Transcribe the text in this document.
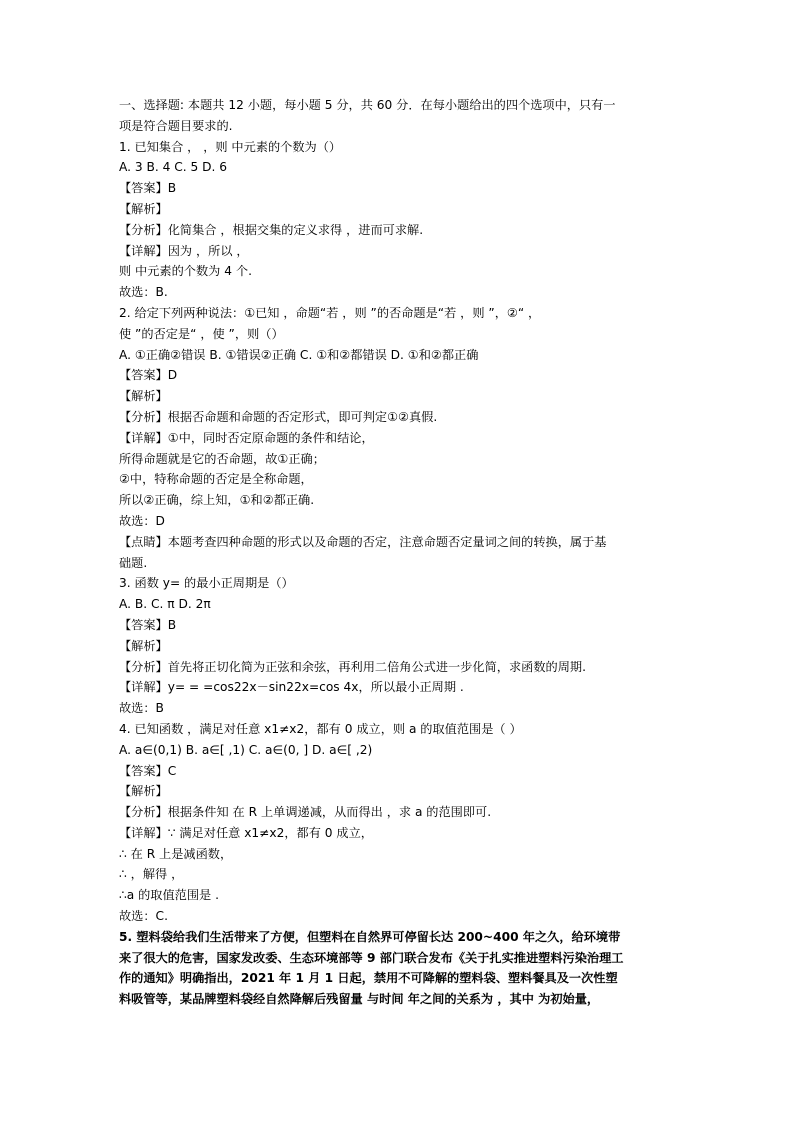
一、选择题: 本题共 12 小题，每小题 5 分，共 60 分．在每小题给出的四个选项中，只有一
项是符合题目要求的.
1. 已知集合 ， ，则 中元素的个数为（）
A. 3 B. 4 C. 5 D. 6
【答案】B
【解析】
【分析】化简集合 ，根据交集的定义求得 ，进而可求解.
【详解】因为 ，所以 ，
则 中元素的个数为 4 个.
故选：B.
2. 给定下列两种说法：①已知 ，命题“若 ，则 ”的否命题是“若 ，则 ”，②“ ，
使 ”的否定是“ ，使 ”，则（）
A. ①正确②错误 B. ①错误②正确 C. ①和②都错误 D. ①和②都正确
【答案】D
【解析】
【分析】根据否命题和命题的否定形式，即可判定①②真假.
【详解】①中，同时否定原命题的条件和结论，
所得命题就是它的否命题，故①正确；
②中，特称命题的否定是全称命题，
所以②正确，综上知，①和②都正确.
故选：D
【点睛】本题考查四种命题的形式以及命题的否定，注意命题否定量词之间的转换，属于基
础题.
3. 函数 y= 的最小正周期是（）
A. B. C. π D. 2π
【答案】B
【解析】
【分析】首先将正切化简为正弦和余弦，再利用二倍角公式进一步化简，求函数的周期.
【详解】y= = =cos22x－sin22x=cos 4x，所以最小正周期 .
故选：B
4. 已知函数 ，满足对任意 x1≠x2，都有 0 成立，则 a 的取值范围是（ ）
A. a∈(0,1) B. a∈[ ,1) C. a∈(0, ] D. a∈[ ,2)
【答案】C
【解析】
【分析】根据条件知 在 R 上单调递减，从而得出 ，求 a 的范围即可.
【详解】∵ 满足对任意 x1≠x2，都有 0 成立，
∴ 在 R 上是减函数，
∴ ，解得 ，
∴a 的取值范围是 .
故选：C.
5. 塑料袋给我们生活带来了方便，但塑料在自然界可停留长达 200~400 年之久，给环境带
来了很大的危害，国家发改委、生态环境部等 9 部门联合发布《关于扎实推进塑料污染治理工
作的通知》明确指出，2021 年 1 月 1 日起，禁用不可降解的塑料袋、塑料餐具及一次性塑
料吸管等，某品牌塑料袋经自然降解后残留量 与时间 年之间的关系为 ，其中 为初始量，
